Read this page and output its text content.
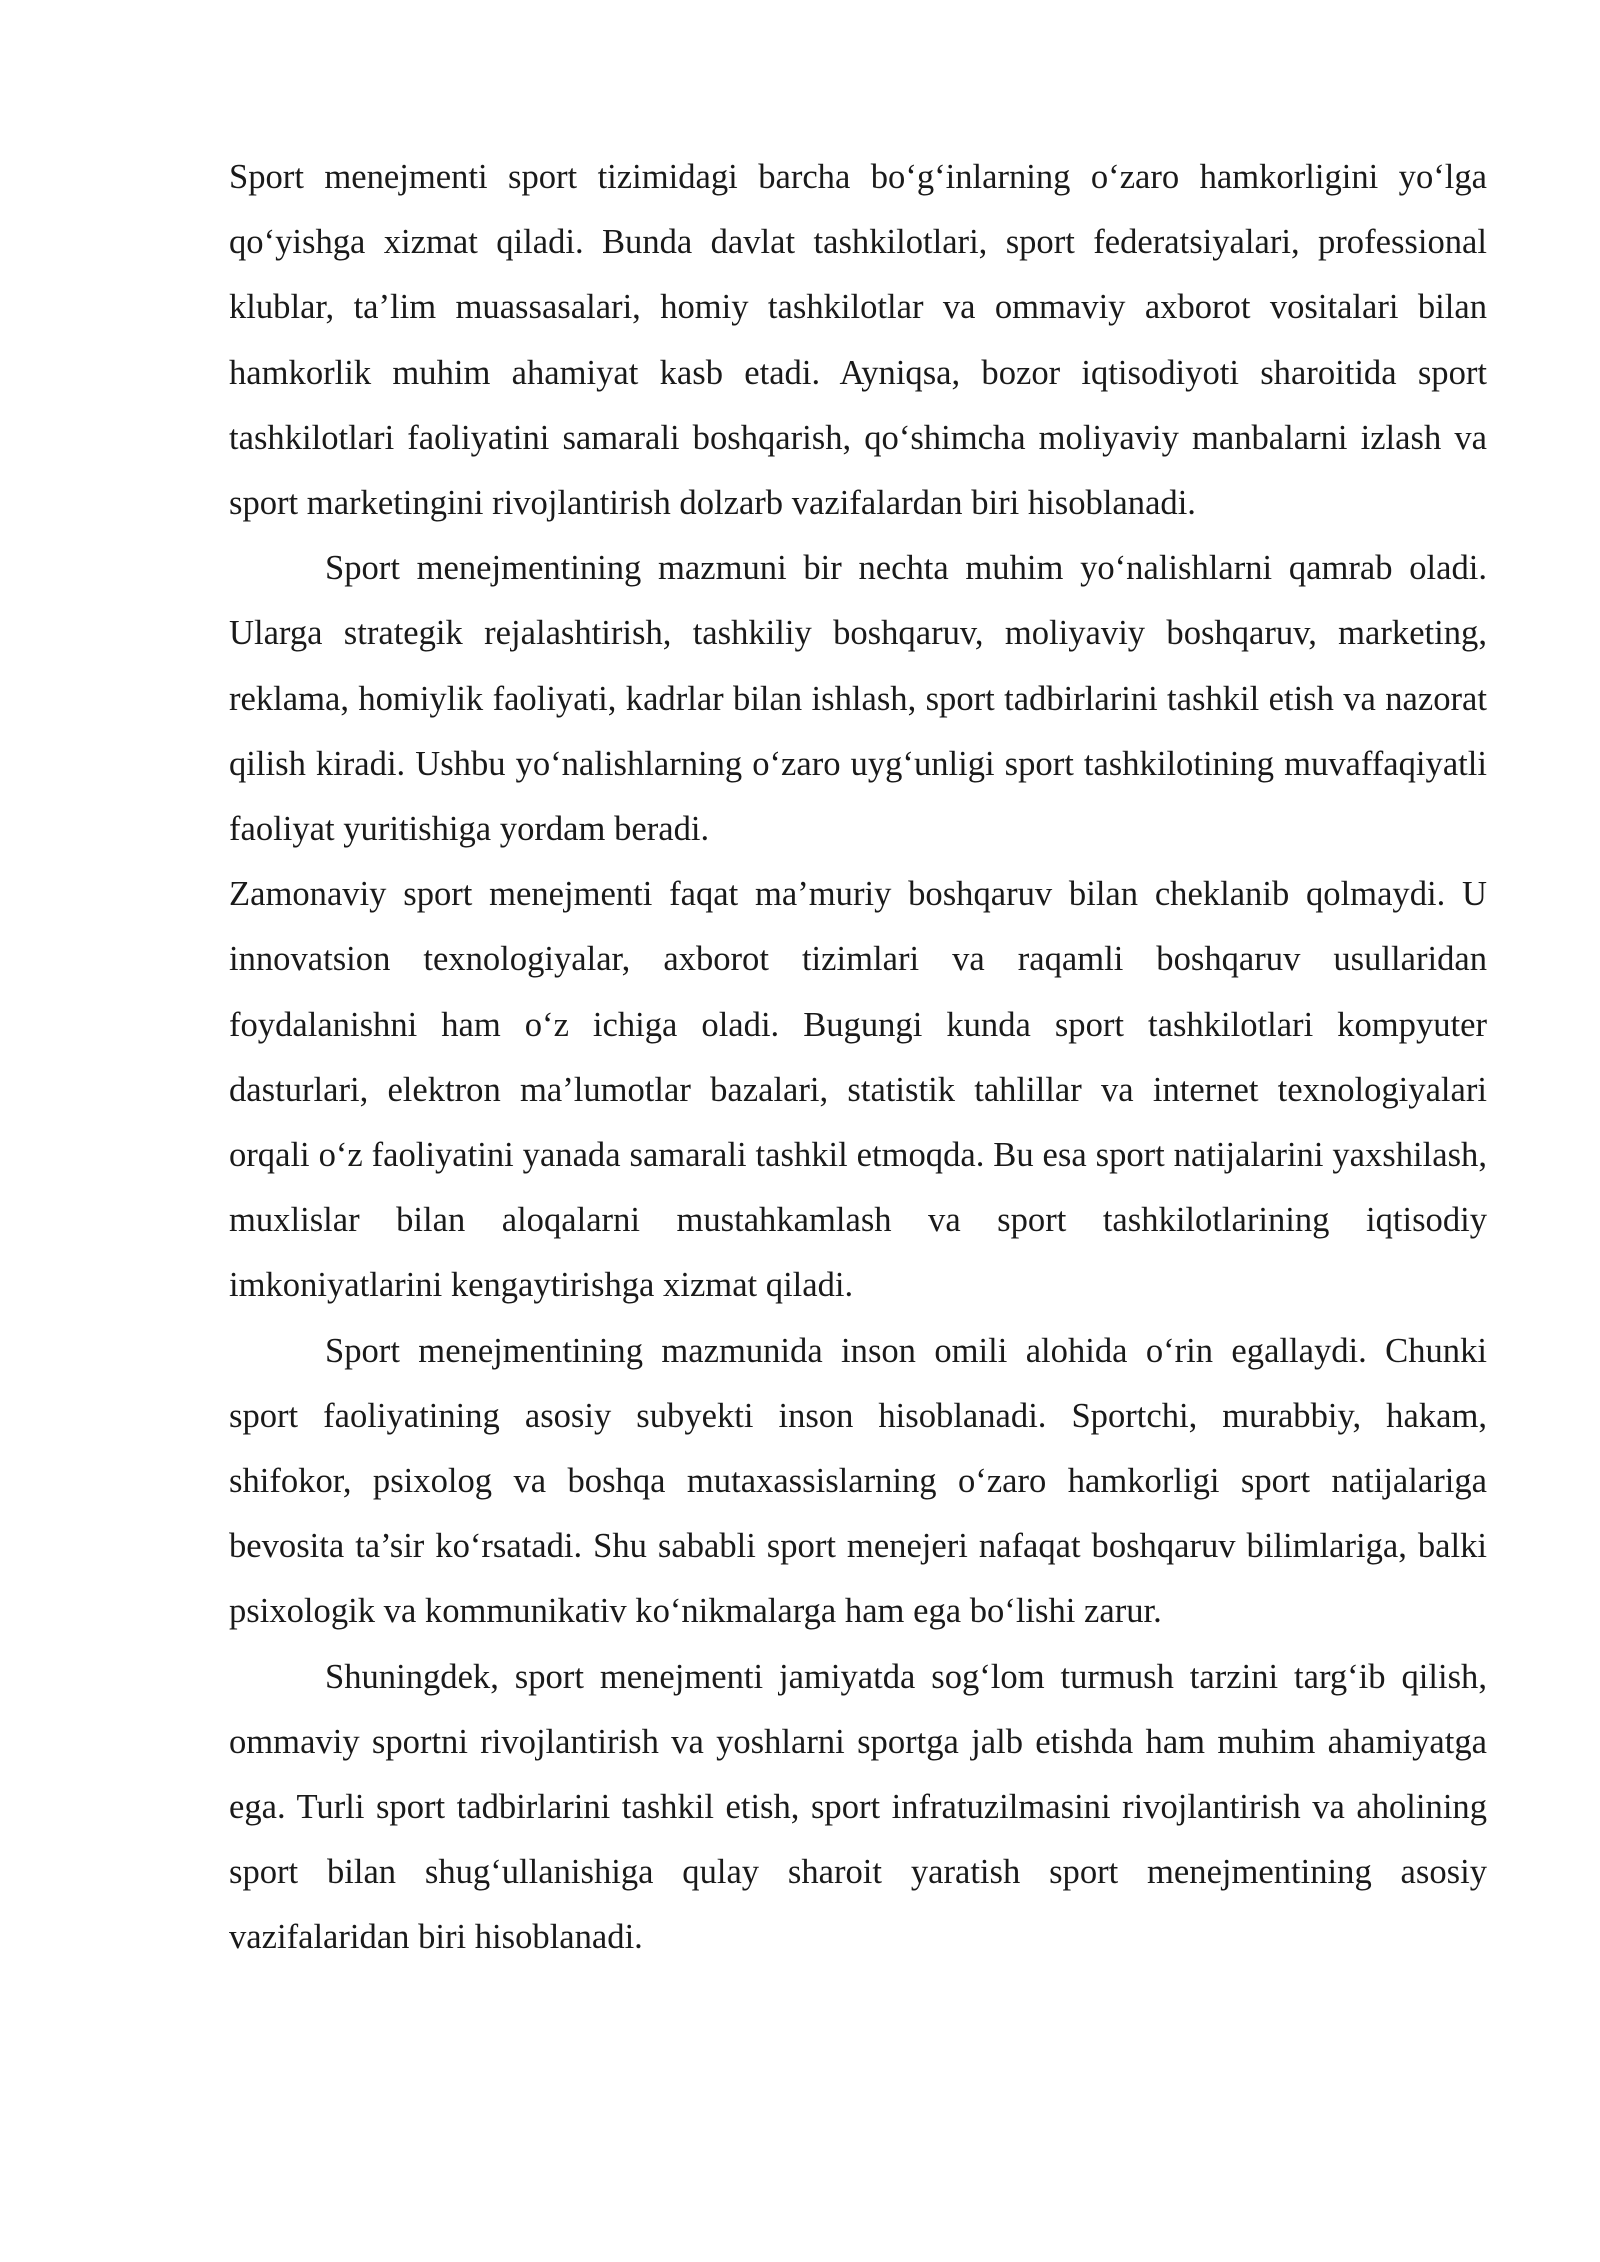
Sport menejmenti sport tizimidagi barcha bo‘g‘inlarning o‘zaro hamkorligini yo‘lga qo‘yishga xizmat qiladi. Bunda davlat tashkilotlari, sport federatsiyalari, professional klublar, ta’lim muassasalari, homiy tashkilotlar va ommaviy axborot vositalari bilan hamkorlik muhim ahamiyat kasb etadi. Ayniqsa, bozor iqtisodiyoti sharoitida sport tashkilotlari faoliyatini samarali boshqarish, qo‘shimcha moliyaviy manbalarni izlash va sport marketingini rivojlantirish dolzarb vazifalardan biri hisoblanadi.

Sport menejmentining mazmuni bir nechta muhim yo‘nalishlarni qamrab oladi. Ularga strategik rejalashtirish, tashkiliy boshqaruv, moliyaviy boshqaruv, marketing, reklama, homiylik faoliyati, kadrlar bilan ishlash, sport tadbirlarini tashkil etish va nazorat qilish kiradi. Ushbu yo‘nalishlarning o‘zaro uyg‘unligi sport tashkilotining muvaffaqiyatli faoliyat yuritishiga yordam beradi.

Zamonaviy sport menejmenti faqat ma’muriy boshqaruv bilan cheklanib qolmaydi. U innovatsion texnologiyalar, axborot tizimlari va raqamli boshqaruv usullaridan foydalanishni ham o‘z ichiga oladi. Bugungi kunda sport tashkilotlari kompyuter dasturlari, elektron ma’lumotlar bazalari, statistik tahlillar va internet texnologiyalari orqali o‘z faoliyatini yanada samarali tashkil etmoqda. Bu esa sport natijalarini yaxshilash, muxlislar bilan aloqalarni mustahkamlash va sport tashkilotlarining iqtisodiy imkoniyatlarini kengaytirishga xizmat qiladi.

Sport menejmentining mazmunida inson omili alohida o‘rin egallaydi. Chunki sport faoliyatining asosiy subyekti inson hisoblanadi. Sportchi, murabbiy, hakam, shifokor, psixolog va boshqa mutaxassislarning o‘zaro hamkorligi sport natijalariga bevosita ta’sir ko‘rsatadi. Shu sababli sport menejeri nafaqat boshqaruv bilimlariga, balki psixologik va kommunikativ ko‘nikmalarga ham ega bo‘lishi zarur.

Shuningdek, sport menejmenti jamiyatda sog‘lom turmush tarzini targ‘ib qilish, ommaviy sportni rivojlantirish va yoshlarni sportga jalb etishda ham muhim ahamiyatga ega. Turli sport tadbirlarini tashkil etish, sport infratuzilmasini rivojlantirish va aholining sport bilan shug‘ullanishiga qulay sharoit yaratish sport menejmentining asosiy vazifalaridan biri hisoblanadi.
